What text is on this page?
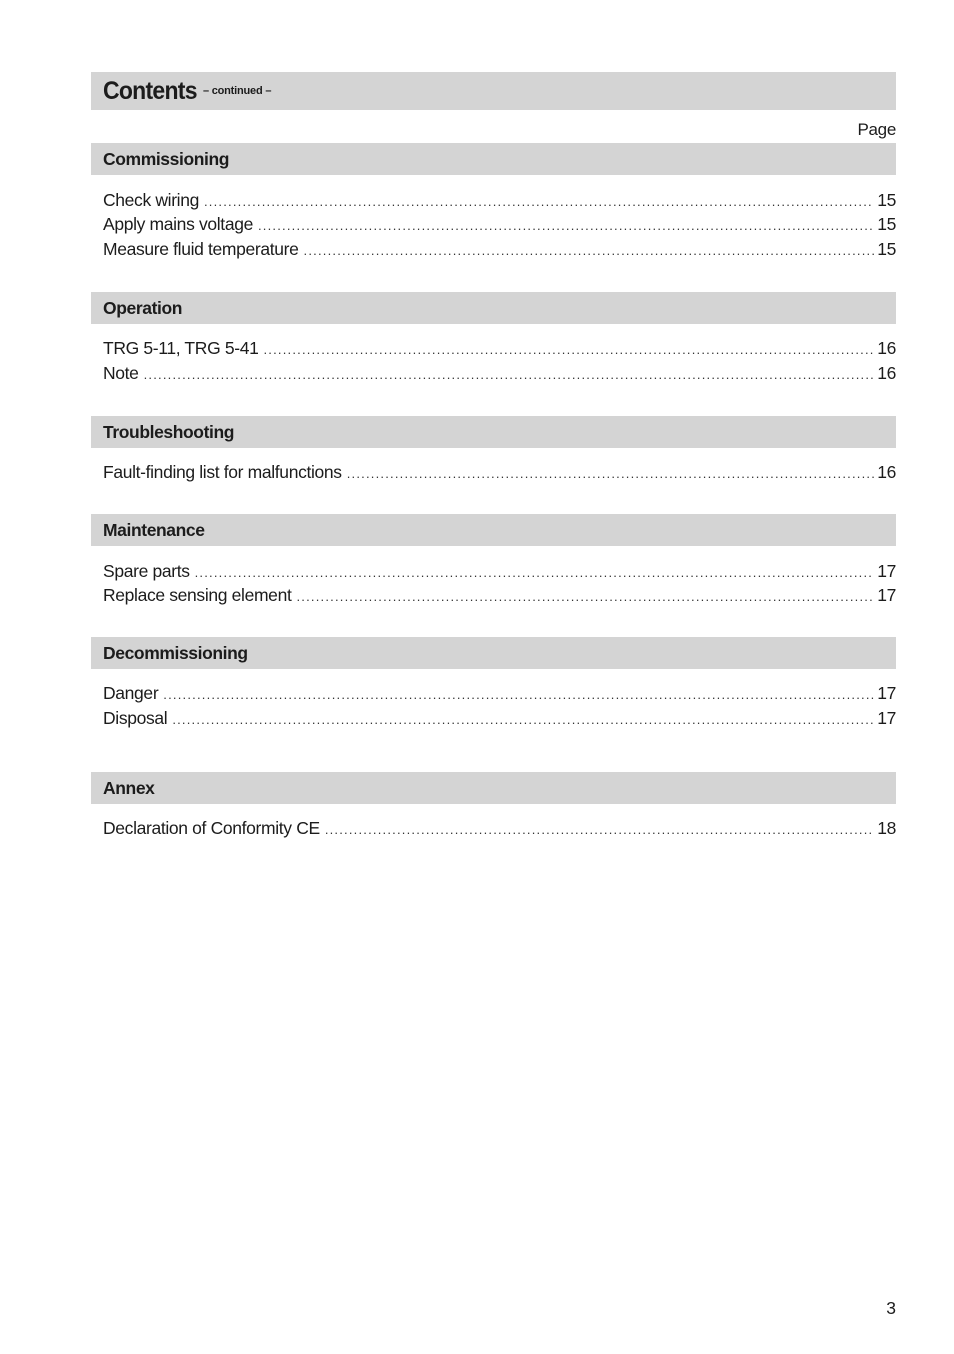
Contents – continued –
Page
Commissioning
Check wiring .....	15
Apply mains voltage .....	15
Measure fluid temperature .....	15
Operation
TRG 5-11, TRG 5-41 .....	16
Note .....	16
Troubleshooting
Fault-finding list for malfunctions .....	16
Maintenance
Spare parts .....	17
Replace sensing element .....	17
Decommissioning
Danger .....	17
Disposal .....	17
Annex
Declaration of Conformity CE .....	18
3
